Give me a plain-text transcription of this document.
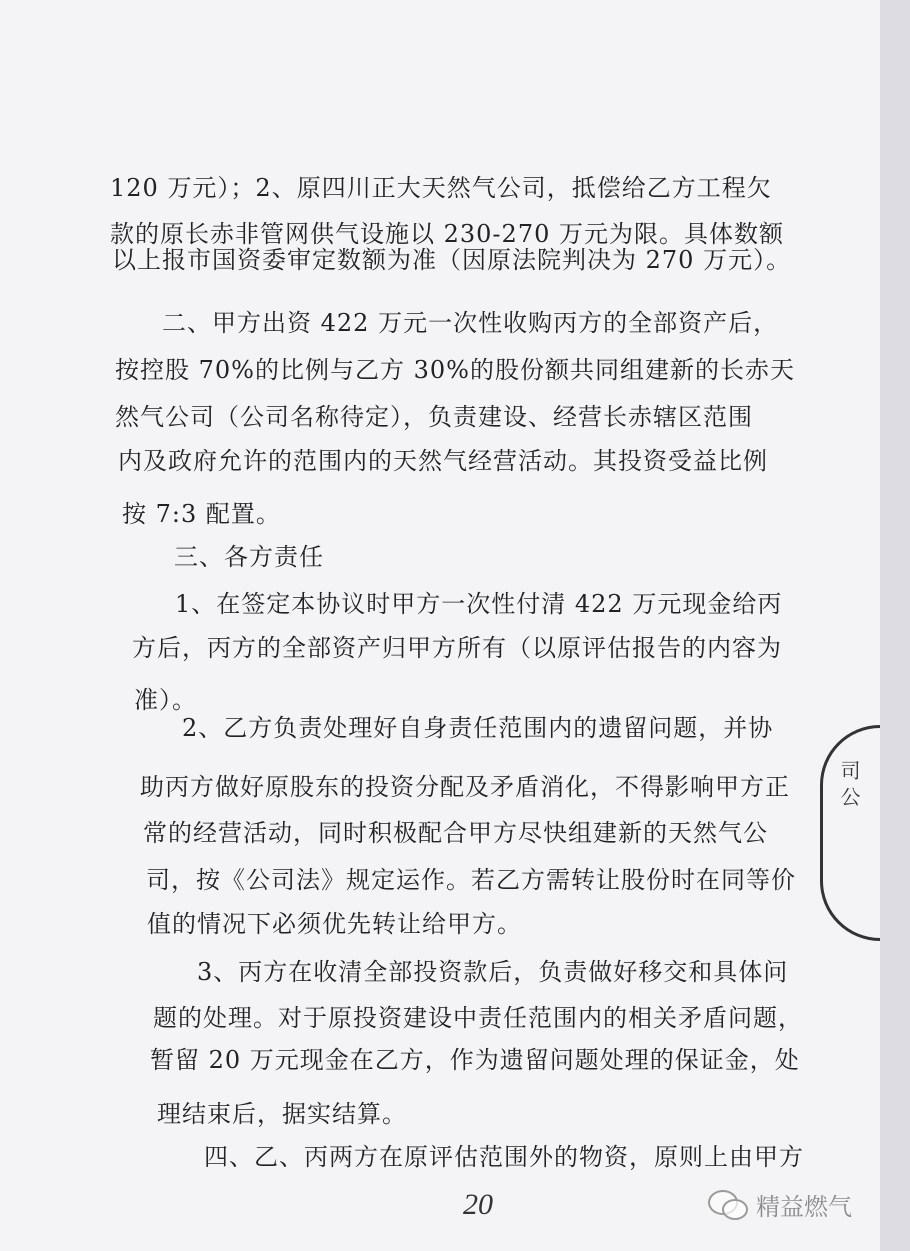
120 万元）；2、原四川正大天然气公司，抵偿给乙方工程欠
款的原长赤非管网供气设施以 230-270 万元为限。具体数额
以上报市国资委审定数额为准（因原法院判决为 270 万元）。
二、甲方出资 422 万元一次性收购丙方的全部资产后，
按控股 70%的比例与乙方 30%的股份额共同组建新的长赤天
然气公司（公司名称待定），负责建设、经营长赤辖区范围
内及政府允许的范围内的天然气经营活动。其投资受益比例
按 7:3 配置。
三、各方责任
1、在签定本协议时甲方一次性付清 422 万元现金给丙
方后，丙方的全部资产归甲方所有（以原评估报告的内容为
准）。
2、乙方负责处理好自身责任范围内的遗留问题，并协
助丙方做好原股东的投资分配及矛盾消化，不得影响甲方正
常的经营活动，同时积极配合甲方尽快组建新的天然气公
司，按《公司法》规定运作。若乙方需转让股份时在同等价
值的情况下必须优先转让给甲方。
3、丙方在收清全部投资款后，负责做好移交和具体问
题的处理。对于原投资建设中责任范围内的相关矛盾问题，
暂留 20 万元现金在乙方，作为遗留问题处理的保证金，处
理结束后，据实结算。
四、乙、丙两方在原评估范围外的物资，原则上由甲方
司 公
20	精益燃气
